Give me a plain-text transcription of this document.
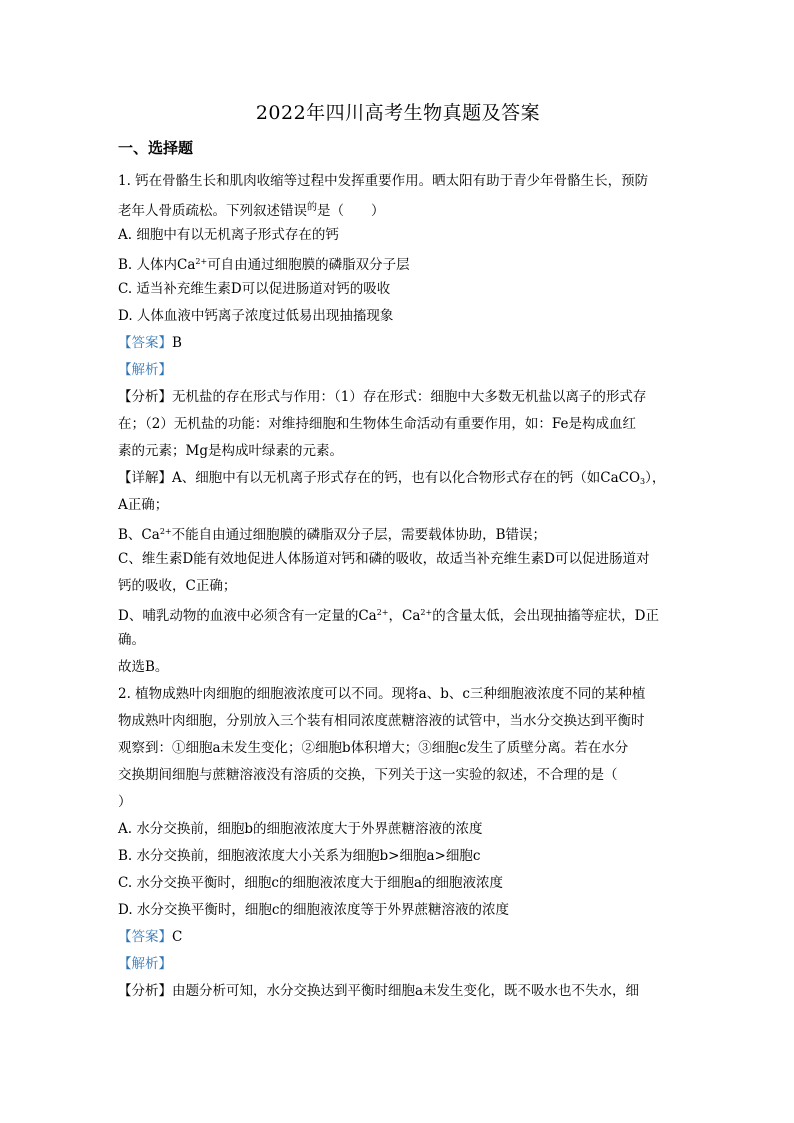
2022年四川高考生物真题及答案
一、选择题
1. 钙在骨骼生长和肌肉收缩等过程中发挥重要作用。晒太阳有助于青少年骨骼生长，预防
老年人骨质疏松。下列叙述错误$^的$是（　　）
A. 细胞中有以无机离子形式存在的钙
B. 人体内$Ca^{2+}$可自由通过细胞膜的磷脂双分子层
C. 适当补充维生素D可以促进肠道对钙的吸收
D. 人体血液中钙离子浓度过低易出现抽搐现象
【答案】B
【解析】
【分析】无机盐的存在形式与作用：（1）存在形式：细胞中大多数无机盐以离子的形式存
在；（2）无机盐的功能：对维持细胞和生物体生命活动有重要作用，如：Fe是构成血红
素的元素；Mg是构成叶绿素的元素。
【详解】A、细胞中有以无机离子形式存在的钙，也有以化合物形式存在的钙（如CaCO$_3$），
A正确；
B、$Ca^{2+}$不能自由通过细胞膜的磷脂双分子层，需要载体协助，B错误；
C、维生素D能有效地促进人体肠道对钙和磷的吸收，故适当补充维生素D可以促进肠道对
钙的吸收，C正确；
D、哺乳动物的血液中必须含有一定量的$Ca^{2+}$，$Ca^{2+}$的含量太低，会出现抽搐等症状，D正
确。
故选B。
2. 植物成熟叶肉细胞的细胞液浓度可以不同。现将a、b、c三种细胞液浓度不同的某种植
物成熟叶肉细胞，分别放入三个装有相同浓度蔗糖溶液的试管中，当水分交换达到平衡时
观察到：①细胞a未发生变化；②细胞b体积增大；③细胞c发生了质壁分离。若在水分
交换期间细胞与蔗糖溶液没有溶质的交换，下列关于这一实验的叙述，不合理的是（
）
A. 水分交换前，细胞b的细胞液浓度大于外界蔗糖溶液的浓度
B. 水分交换前，细胞液浓度大小关系为细胞b>细胞a>细胞c
C. 水分交换平衡时，细胞c的细胞液浓度大于细胞a的细胞液浓度
D. 水分交换平衡时，细胞c的细胞液浓度等于外界蔗糖溶液的浓度
【答案】C
【解析】
【分析】由题分析可知，水分交换达到平衡时细胞a未发生变化，既不吸水也不失水，细
